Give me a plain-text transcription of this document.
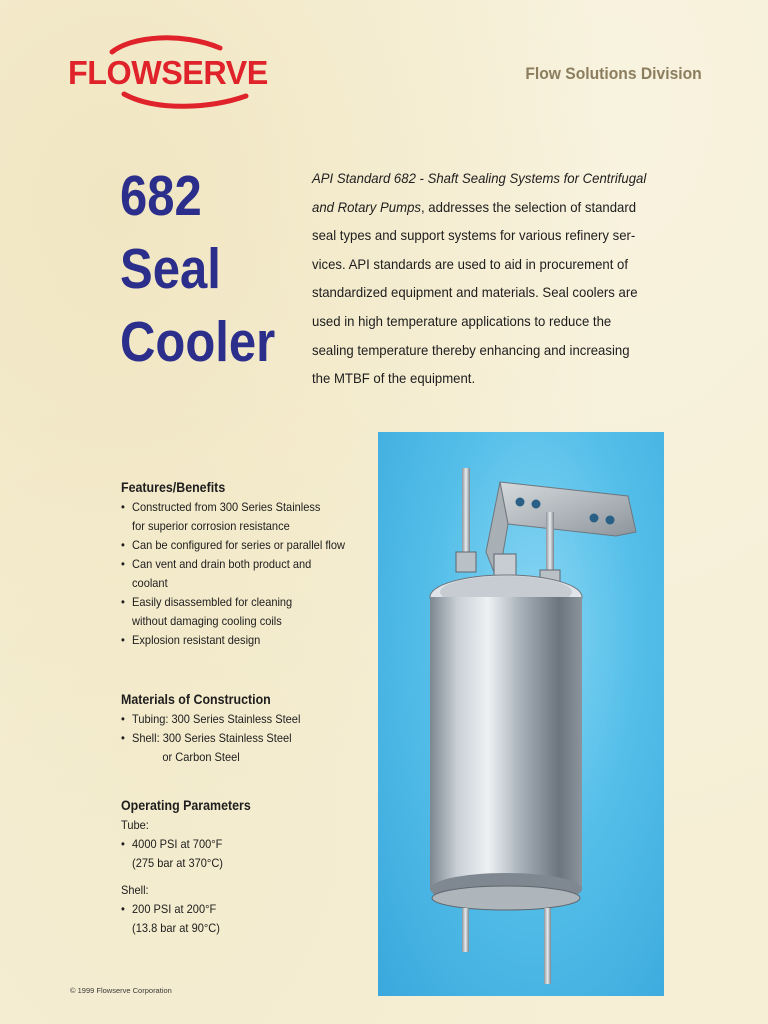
FLOWSERVE	Flow Solutions Division
682
Seal
Cooler
API Standard 682 - Shaft Sealing Systems for Centrifugal and Rotary Pumps, addresses the selection of standard seal types and support systems for various refinery ser-vices. API standards are used to aid in procurement of standardized equipment and materials. Seal coolers are used in high temperature applications to reduce the sealing temperature thereby enhancing and increasing the MTBF of the equipment.
Features/Benefits
• Constructed from 300 Series Stainless
for superior corrosion resistance
• Can be configured for series or parallel flow
• Can vent and drain both product and
coolant
• Easily disassembled for cleaning
without damaging cooling coils
• Explosion resistant design
Materials of Construction
• Tubing: 300 Series Stainless Steel
• Shell: 300 Series Stainless Steel
or Carbon Steel
Operating Parameters
Tube:
• 4000 PSI at 700°F
(275 bar at 370°C)
Shell:
• 200 PSI at 200°F
(13.8 bar at 90°C)
© 1999 Flowserve Corporation
